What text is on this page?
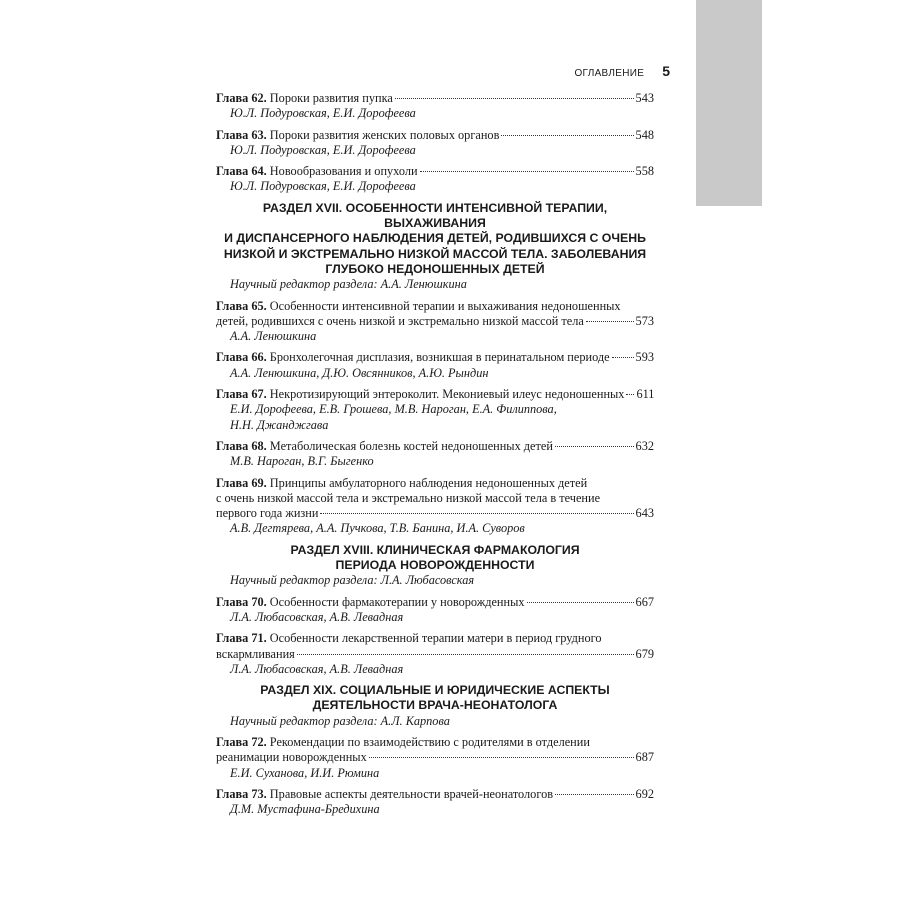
ОГЛАВЛЕНИЕ 5
Глава 62. Пороки развития пупка	543
Ю.Л. Подуровская, Е.И. Дорофеева
Глава 63. Пороки развития женских половых органов	548
Ю.Л. Подуровская, Е.И. Дорофеева
Глава 64. Новообразования и опухоли	558
Ю.Л. Подуровская, Е.И. Дорофеева
РАЗДЕЛ XVII. ОСОБЕННОСТИ ИНТЕНСИВНОЙ ТЕРАПИИ, ВЫХАЖИВАНИЯ
И ДИСПАНСЕРНОГО НАБЛЮДЕНИЯ ДЕТЕЙ, РОДИВШИХСЯ С ОЧЕНЬ
НИЗКОЙ И ЭКСТРЕМАЛЬНО НИЗКОЙ МАССОЙ ТЕЛА. ЗАБОЛЕВАНИЯ
ГЛУБОКО НЕДОНОШЕННЫХ ДЕТЕЙ
Научный редактор раздела: А.А. Ленюшкина
Глава 65. Особенности интенсивной терапии и выхаживания недоношенных
детей, родившихся с очень низкой и экстремально низкой массой тела	573
А.А. Ленюшкина
Глава 66. Бронхолегочная дисплазия, возникшая в перинатальном периоде 593
А.А. Ленюшкина, Д.Ю. Овсянников, А.Ю. Рындин
Глава 67. Некротизирующий энтероколит. Мекониевый илеус недоношенных 611
Е.И. Дорофеева, Е.В. Грошева, М.В. Нароган, Е.А. Филиппова,
Н.Н. Джанджгава
Глава 68. Метаболическая болезнь костей недоношенных детей	632
М.В. Нароган, В.Г. Быгенко
Глава 69. Принципы амбулаторного наблюдения недоношенных детей
с очень низкой массой тела и экстремально низкой массой тела в течение
первого года жизни	643
А.В. Дегтярева, А.А. Пучкова, Т.В. Банина, И.А. Суворов
РАЗДЕЛ XVIII. КЛИНИЧЕСКАЯ ФАРМАКОЛОГИЯ
ПЕРИОДА НОВОРОЖДЕННОСТИ
Научный редактор раздела: Л.А. Любасовская
Глава 70. Особенности фармакотерапии у новорожденных	667
Л.А. Любасовская, А.В. Левадная
Глава 71. Особенности лекарственной терапии матери в период грудного
вскармливания	679
Л.А. Любасовская, А.В. Левадная
РАЗДЕЛ XIX. СОЦИАЛЬНЫЕ И ЮРИДИЧЕСКИЕ АСПЕКТЫ
ДЕЯТЕЛЬНОСТИ ВРАЧА-НЕОНАТОЛОГА
Научный редактор раздела: А.Л. Карпова
Глава 72. Рекомендации по взаимодействию с родителями в отделении
реанимации новорожденных	687
Е.И. Суханова, И.И. Рюмина
Глава 73. Правовые аспекты деятельности врачей-неонатологов	692
Д.М. Мустафина-Бредихина
